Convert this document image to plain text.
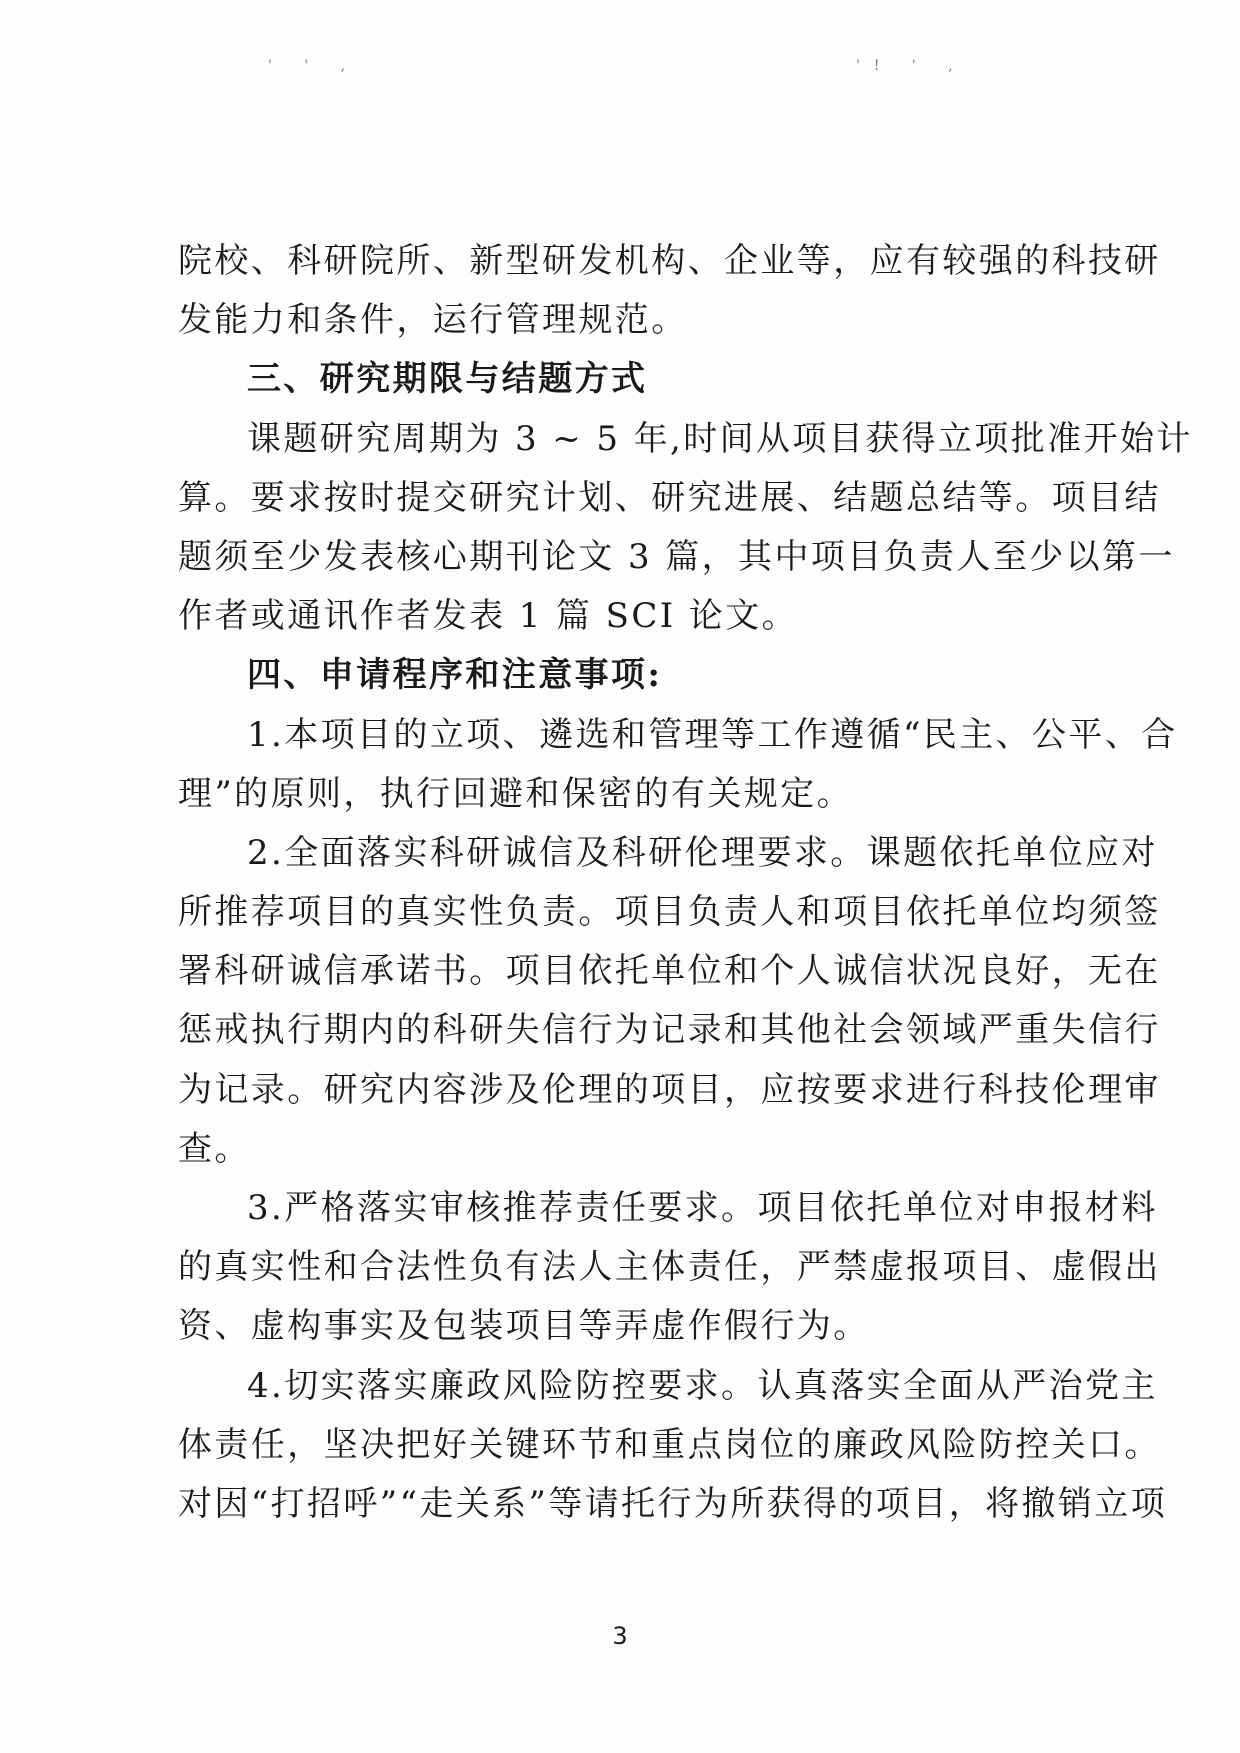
' ' ,	'! ' ,
院校、科研院所、新型研发机构、企业等，应有较强的科技研
发能力和条件，运行管理规范。
三、研究期限与结题方式
课题研究周期为 3 ~ 5 年,时间从项目获得立项批准开始计
算。要求按时提交研究计划、研究进展、结题总结等。项目结
题须至少发表核心期刊论文 3 篇，其中项目负责人至少以第一
作者或通讯作者发表 1 篇 SCI 论文。
四、申请程序和注意事项:
1.本项目的立项、遴选和管理等工作遵循“民主、公平、合
理”的原则，执行回避和保密的有关规定。
2.全面落实科研诚信及科研伦理要求。课题依托单位应对
所推荐项目的真实性负责。项目负责人和项目依托单位均须签
署科研诚信承诺书。项目依托单位和个人诚信状况良好，无在
惩戒执行期内的科研失信行为记录和其他社会领域严重失信行
为记录。研究内容涉及伦理的项目，应按要求进行科技伦理审
查。
3.严格落实审核推荐责任要求。项目依托单位对申报材料
的真实性和合法性负有法人主体责任，严禁虚报项目、虚假出
资、虚构事实及包装项目等弄虚作假行为。
4.切实落实廉政风险防控要求。认真落实全面从严治党主
体责任，坚决把好关键环节和重点岗位的廉政风险防控关口。
对因“打招呼”“走关系”等请托行为所获得的项目，将撤销立项
3
